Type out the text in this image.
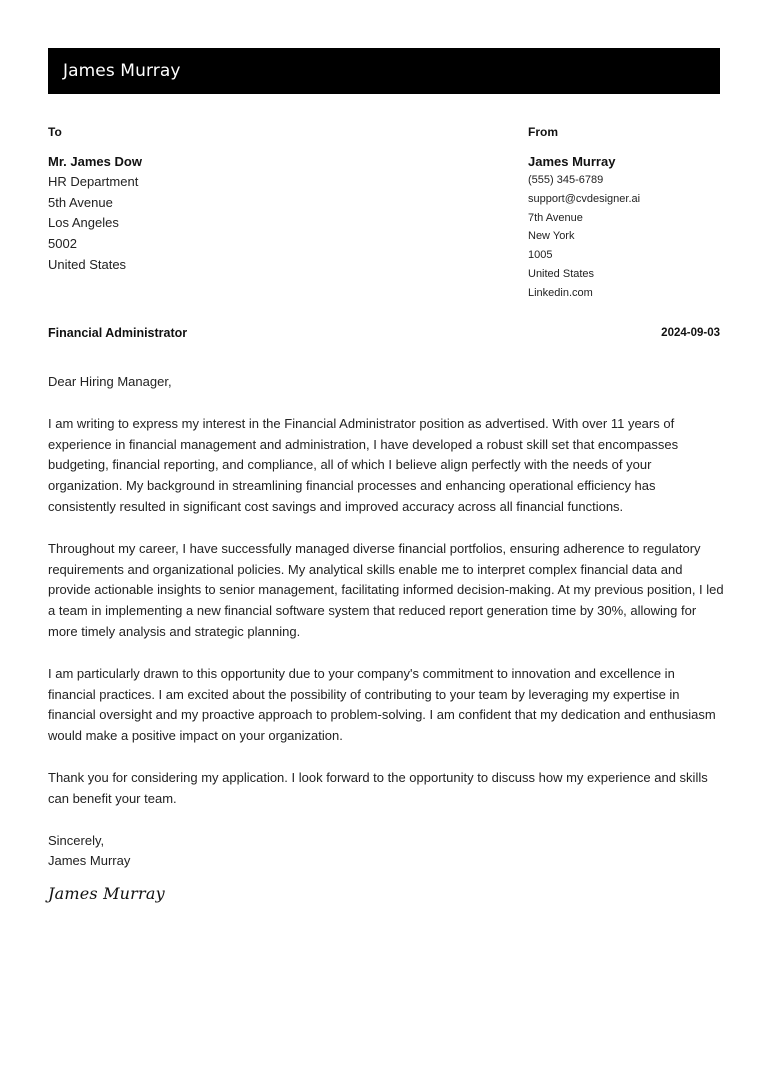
James Murray
To
Mr. James Dow
HR Department
5th Avenue
Los Angeles
5002
United States
From
James Murray
(555) 345-6789
support@cvdesigner.ai
7th Avenue
New York
1005
United States
Linkedin.com
Financial Administrator	2024-09-03

Dear Hiring Manager,

I am writing to express my interest in the Financial Administrator position as advertised. With over 11 years of experience in financial management and administration, I have developed a robust skill set that encompasses budgeting, financial reporting, and compliance, all of which I believe align perfectly with the needs of your organization. My background in streamlining financial processes and enhancing operational efficiency has consistently resulted in significant cost savings and improved accuracy across all financial functions.

Throughout my career, I have successfully managed diverse financial portfolios, ensuring adherence to regulatory requirements and organizational policies. My analytical skills enable me to interpret complex financial data and provide actionable insights to senior management, facilitating informed decision-making. At my previous position, I led a team in implementing a new financial software system that reduced report generation time by 30%, allowing for more timely analysis and strategic planning.

I am particularly drawn to this opportunity due to your company's commitment to innovation and excellence in financial practices. I am excited about the possibility of contributing to your team by leveraging my expertise in financial oversight and my proactive approach to problem-solving. I am confident that my dedication and enthusiasm would make a positive impact on your organization.

Thank you for considering my application. I look forward to the opportunity to discuss how my experience and skills can benefit your team.

Sincerely,

James Murray

James Murray
